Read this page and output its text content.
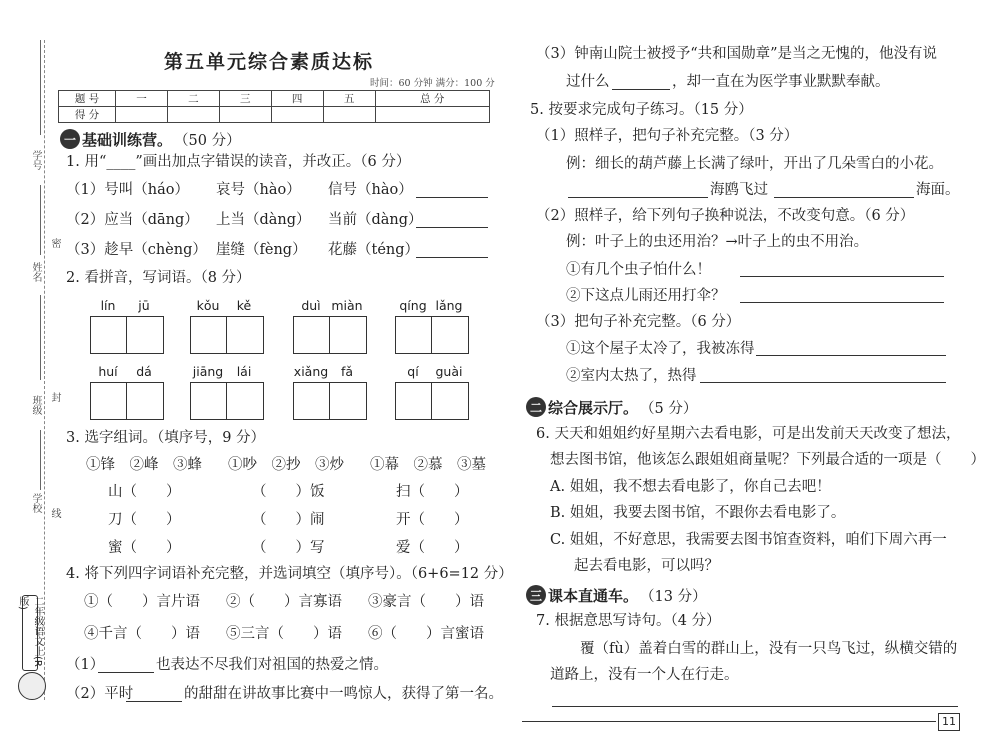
学号
姓名
班级
学校
密
封
线
二年级语文上(R版)
第五单元综合素质达标
时间：60 分钟 满分：100 分
题 号	一	二	三	四	五	总 分
得 分						
一 基础训练营。 （50 分）
1. 用“____”画出加点字错误的读音，并改正。（6 分）
（1）号叫（háo） 哀号（hào） 信号（hào）
（2）应当（dāng） 上当（dàng） 当前（dàng）
（3）趁早（chèng） 崖缝（fèng） 花藤（téng）
2. 看拼音，写词语。（8 分）
lín	jū	kǒu	kě	duì miàn	qíng lǎng
huí	dá	jiāng	lái	xiǎng	fǎ	qí	guài
3. 选字组词。（填序号，9 分）
①锋　②峰　③蜂 ①吵　②抄　③炒 ①幕　②慕　③墓
山（　　）	（　　）饭	扫（　　）
刀（　　）	（　　）闹	开（　　）
蜜（　　）	（　　）写	爱（　　）
4. 将下列四字词语补充完整，并选词填空（填序号）。（6+6=12 分）
①（　　）言片语 ②（　　）言寡语 ③豪言（　　）语
④千言（　　）语 ⑤三言（　　）语 ⑥（　　）言蜜语
（1）	也表达不尽我们对祖国的热爱之情。
（2）平时	的甜甜在讲故事比赛中一鸣惊人，获得了第一名。
（3）钟南山院士被授予“共和国勋章”是当之无愧的，他没有说
过什么	，却一直在为医学事业默默奉献。
5. 按要求完成句子练习。（15 分）
（1）照样子，把句子补充完整。（3 分）
例：细长的葫芦藤上长满了绿叶，开出了几朵雪白的小花。
海鸥飞过	海面。
（2）照样子，给下列句子换种说法，不改变句意。（6 分）
例：叶子上的虫还用治？→叶子上的虫不用治。
①有几个虫子怕什么！
②下这点儿雨还用打伞？
（3）把句子补充完整。（6 分）
①这个屋子太冷了，我被冻得
②室内太热了，热得
二 综合展示厅。 （5 分）
6. 天天和姐姐约好星期六去看电影，可是出发前天天改变了想法，
想去图书馆，他该怎么跟姐姐商量呢？下列最合适的一项是（　　）
A. 姐姐，我不想去看电影了，你自己去吧！
B. 姐姐，我要去图书馆，不跟你去看电影了。
C. 姐姐，不好意思，我需要去图书馆查资料，咱们下周六再一
起去看电影，可以吗？
三 课本直通车。 （13 分）
7. 根据意思写诗句。（4 分）
覆（fù）盖着白雪的群山上，没有一只鸟飞过，纵横交错的
道路上，没有一个人在行走。
11
